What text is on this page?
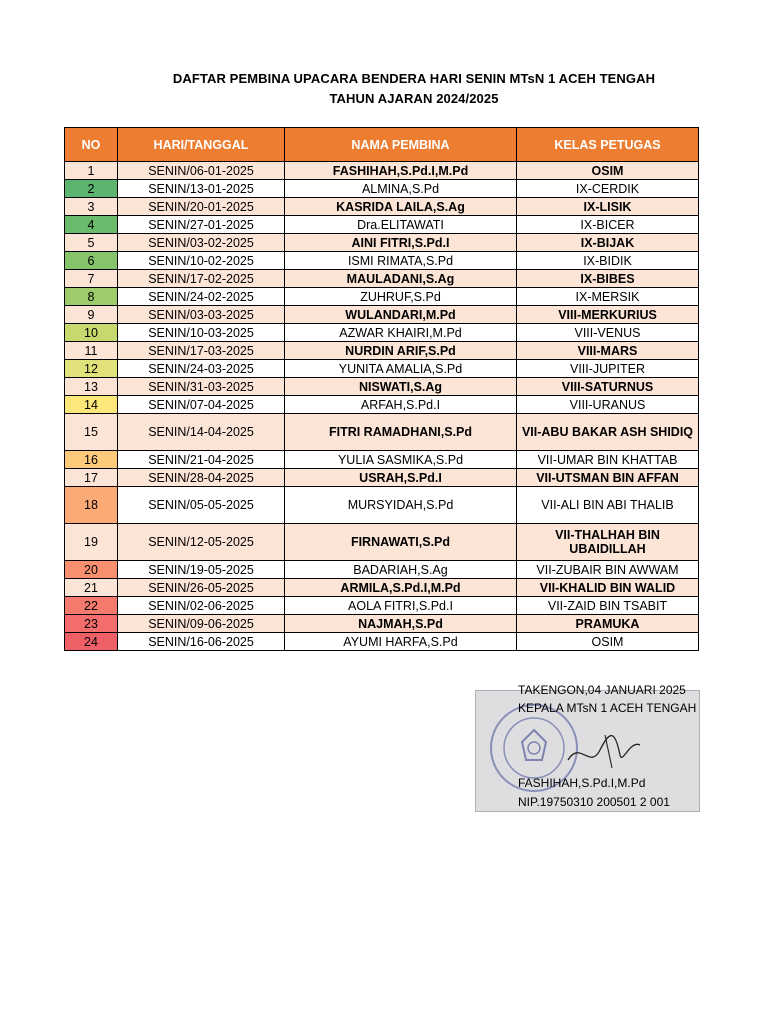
DAFTAR PEMBINA UPACARA BENDERA HARI SENIN MTsN 1 ACEH TENGAH
TAHUN AJARAN 2024/2025
NO	HARI/TANGGAL	NAMA PEMBINA	KELAS PETUGAS
1	SENIN/06-01-2025	FASHIHAH,S.Pd.I,M.Pd	OSIM
2	SENIN/13-01-2025	ALMINA,S.Pd	IX-CERDIK
3	SENIN/20-01-2025	KASRIDA LAILA,S.Ag	IX-LISIK
4	SENIN/27-01-2025	Dra.ELITAWATI	IX-BICER
5	SENIN/03-02-2025	AINI FITRI,S.Pd.I	IX-BIJAK
6	SENIN/10-02-2025	ISMI RIMATA,S.Pd	IX-BIDIK
7	SENIN/17-02-2025	MAULADANI,S.Ag	IX-BIBES
8	SENIN/24-02-2025	ZUHRUF,S.Pd	IX-MERSIK
9	SENIN/03-03-2025	WULANDARI,M.Pd	VIII-MERKURIUS
10	SENIN/10-03-2025	AZWAR KHAIRI,M.Pd	VIII-VENUS
11	SENIN/17-03-2025	NURDIN ARIF,S.Pd	VIII-MARS
12	SENIN/24-03-2025	YUNITA AMALIA,S.Pd	VIII-JUPITER
13	SENIN/31-03-2025	NISWATI,S.Ag	VIII-SATURNUS
14	SENIN/07-04-2025	ARFAH,S.Pd.I	VIII-URANUS
15	SENIN/14-04-2025	FITRI RAMADHANI,S.Pd	VII-ABU BAKAR ASH SHIDIQ
16	SENIN/21-04-2025	YULIA SASMIKA,S.Pd	VII-UMAR BIN KHATTAB
17	SENIN/28-04-2025	USRAH,S.Pd.I	VII-UTSMAN BIN AFFAN
18	SENIN/05-05-2025	MURSYIDAH,S.Pd	VII-ALI BIN ABI THALIB
19	SENIN/12-05-2025	FIRNAWATI,S.Pd	VII-THALHAH BIN UBAIDILLAH
20	SENIN/19-05-2025	BADARIAH,S.Ag	VII-ZUBAIR BIN AWWAM
21	SENIN/26-05-2025	ARMILA,S.Pd.I,M.Pd	VII-KHALID BIN WALID
22	SENIN/02-06-2025	AOLA FITRI,S.Pd.I	VII-ZAID BIN TSABIT
23	SENIN/09-06-2025	NAJMAH,S.Pd	PRAMUKA
24	SENIN/16-06-2025	AYUMI HARFA,S.Pd	OSIM
TAKENGON,04 JANUARI 2025
KEPALA MTsN 1 ACEH TENGAH
FASHIHAH,S.Pd.I,M.Pd
NIP.19750310 200501 2 001
